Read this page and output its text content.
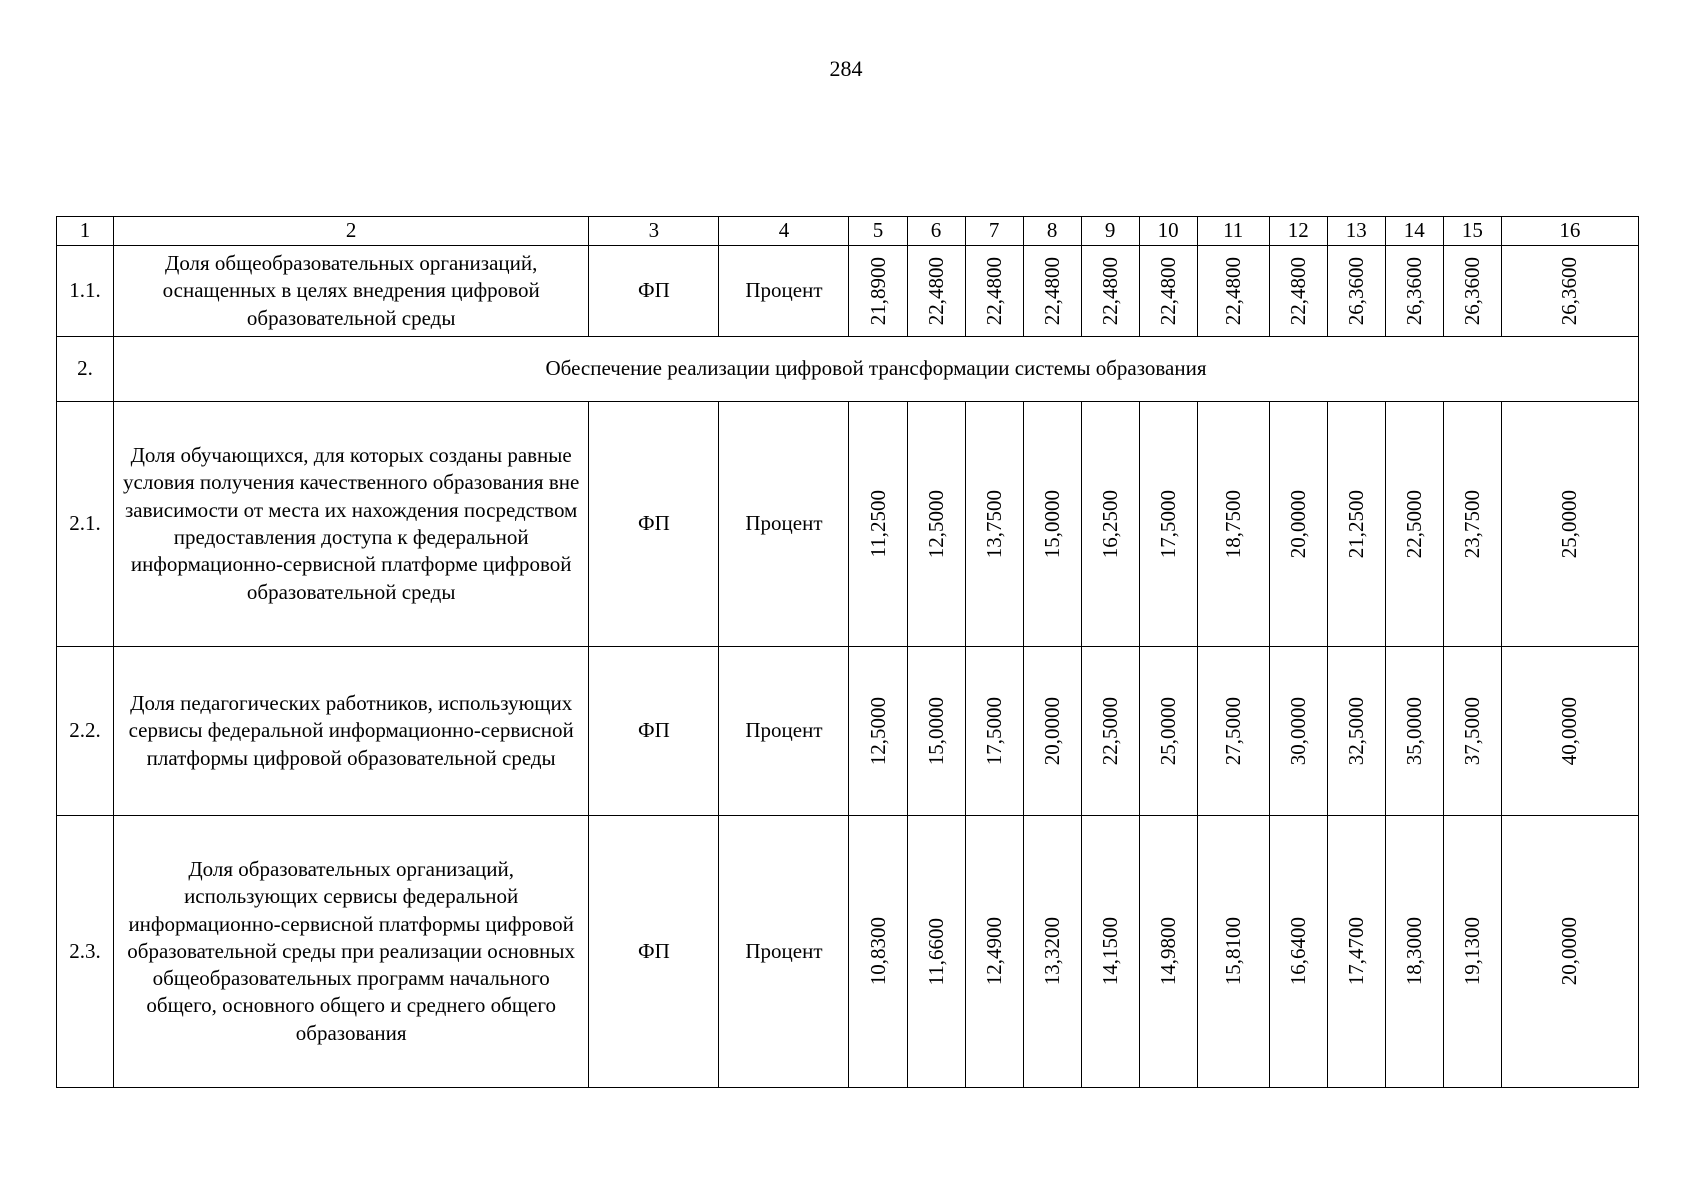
284
1	2	3	4	5	6	7	8	9	10	11	12	13	14	15	16
1.1.	Доля общеобразовательных организаций, оснащенных в целях внедрения цифровой образовательной среды	ФП	Процент	21,8900	22,4800	22,4800	22,4800	22,4800	22,4800	22,4800	22,4800	26,3600	26,3600	26,3600	26,3600

2.	Обеспечение реализации цифровой трансформации системы образования														
2.1.	Доля обучающихся, для которых созданы равные условия получения качественного образования вне зависимости от места их нахождения посредством предоставления доступа к федеральной информационно-сервисной платформе цифровой образовательной среды	ФП	Процент	11,2500	12,5000	13,7500	15,0000	16,2500	17,5000	18,7500	20,0000	21,2500	22,5000	23,7500	25,0000

2.2.	Доля педагогических работников, использующих сервисы федеральной информационно-сервисной платформы цифровой образовательной среды	ФП	Процент	12,5000	15,0000	17,5000	20,0000	22,5000	25,0000	27,5000	30,0000	32,5000	35,0000	37,5000	40,0000

2.3.	Доля образовательных организаций, использующих сервисы федеральной информационно-сервисной платформы цифровой образовательной среды при реализации основных общеобразовательных программ начального общего, основного общего и среднего общего образования	ФП	Процент	10,8300	11,6600	12,4900	13,3200	14,1500	14,9800	15,8100	16,6400	17,4700	18,3000	19,1300	20,0000
